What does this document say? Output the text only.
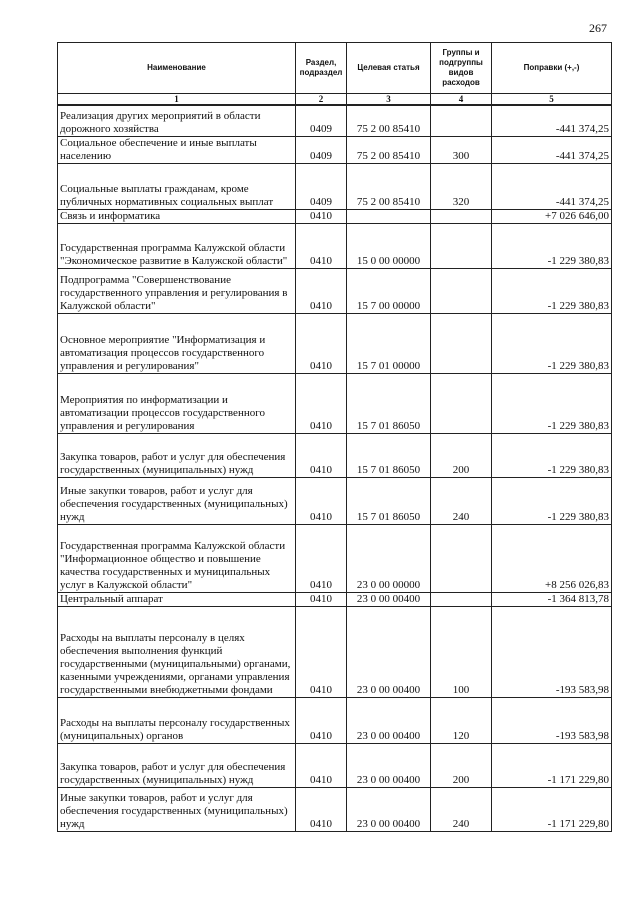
267
Наименование	Раздел, подраздел	Целевая статья	Группы и подгруппы видов расходов	Поправки (+,-)
1	2	3	4	5
Реализация других мероприятий в области дорожного хозяйства	0409	75 2 00 85410		-441 374,25
Социальное обеспечение и иные выплаты населению	0409	75 2 00 85410	300	-441 374,25
Социальные выплаты гражданам, кроме публичных нормативных социальных выплат	0409	75 2 00 85410	320	-441 374,25
Связь и информатика	0410			+7 026 646,00
Государственная программа Калужской области "Экономическое развитие в Калужской области"	0410	15 0 00 00000		-1 229 380,83
Подпрограмма "Совершенствование государственного управления и регулирования в Калужской области"	0410	15 7 00 00000		-1 229 380,83
Основное мероприятие "Информатизация и автоматизация процессов государственного управления и регулирования"	0410	15 7 01 00000		-1 229 380,83
Мероприятия по информатизации и автоматизации процессов государственного управления и регулирования	0410	15 7 01 86050		-1 229 380,83
Закупка товаров, работ и услуг для обеспечения государственных (муниципальных) нужд	0410	15 7 01 86050	200	-1 229 380,83
Иные закупки товаров, работ и услуг для обеспечения государственных (муниципальных) нужд	0410	15 7 01 86050	240	-1 229 380,83
Государственная программа Калужской области "Информационное общество и повышение качества государственных и муниципальных услуг в Калужской области"	0410	23 0 00 00000		+8 256 026,83
Центральный аппарат	0410	23 0 00 00400		-1 364 813,78
Расходы на выплаты персоналу в целях обеспечения выполнения функций государственными (муниципальными) органами, казенными учреждениями, органами управления государственными внебюджетными фондами	0410	23 0 00 00400	100	-193 583,98
Расходы на выплаты персоналу государственных (муниципальных) органов	0410	23 0 00 00400	120	-193 583,98
Закупка товаров, работ и услуг для обеспечения государственных (муниципальных) нужд	0410	23 0 00 00400	200	-1 171 229,80
Иные закупки товаров, работ и услуг для обеспечения государственных (муниципальных) нужд	0410	23 0 00 00400	240	-1 171 229,80
